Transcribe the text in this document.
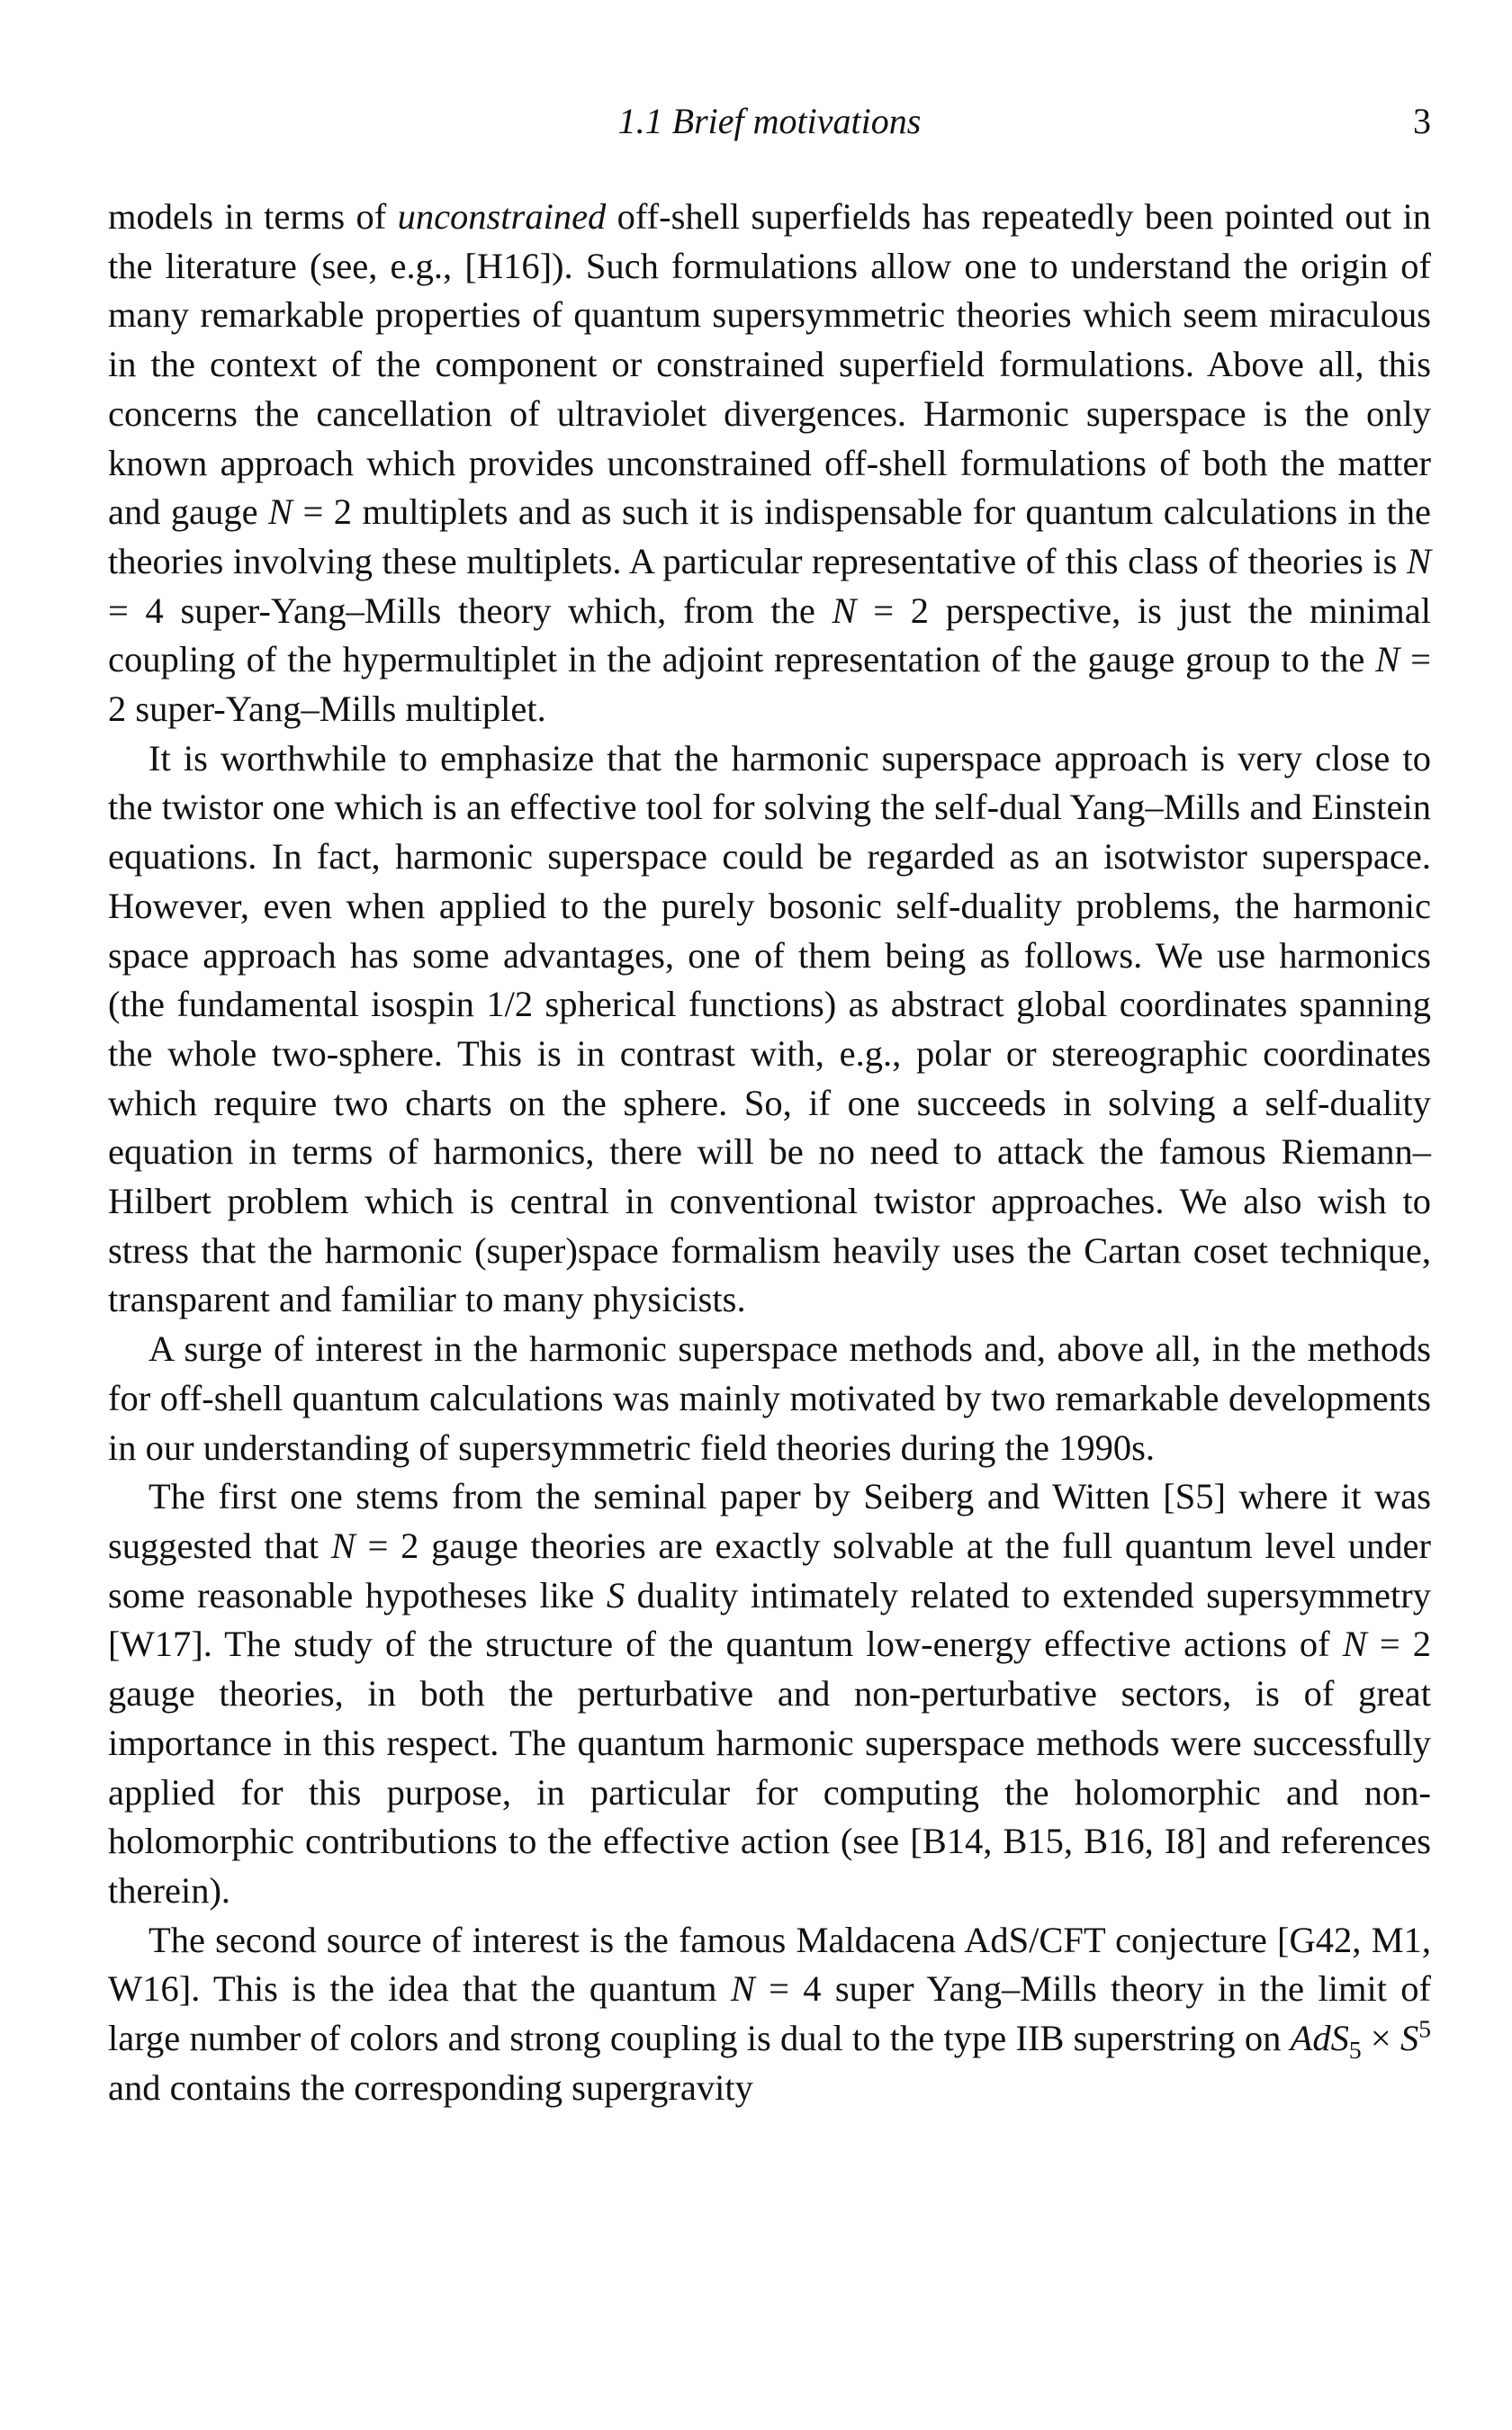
1.1 Brief motivations	3

models in terms of unconstrained off-shell superfields has repeatedly been pointed out in the literature (see, e.g., [H16]). Such formulations allow one to understand the origin of many remarkable properties of quantum supersymmetric theories which seem miraculous in the context of the component or constrained superfield formulations. Above all, this concerns the cancellation of ultraviolet divergences. Harmonic superspace is the only known approach which provides unconstrained off-shell formulations of both the matter and gauge N = 2 multiplets and as such it is indispensable for quantum calculations in the theories involving these multiplets. A particular representative of this class of theories is N = 4 super-Yang–Mills theory which, from the N = 2 perspective, is just the minimal coupling of the hypermultiplet in the adjoint representation of the gauge group to the N = 2 super-Yang–Mills multiplet.

It is worthwhile to emphasize that the harmonic superspace approach is very close to the twistor one which is an effective tool for solving the self-dual Yang–Mills and Einstein equations. In fact, harmonic superspace could be regarded as an isotwistor superspace. However, even when applied to the purely bosonic self-duality problems, the harmonic space approach has some advantages, one of them being as follows. We use harmonics (the fundamental isospin 1/2 spherical functions) as abstract global coordinates spanning the whole two-sphere. This is in contrast with, e.g., polar or stereographic coordinates which require two charts on the sphere. So, if one succeeds in solving a self-duality equation in terms of harmonics, there will be no need to attack the famous Riemann–Hilbert problem which is central in conventional twistor approaches. We also wish to stress that the harmonic (super)space formalism heavily uses the Cartan coset technique, transparent and familiar to many physicists.

A surge of interest in the harmonic superspace methods and, above all, in the methods for off-shell quantum calculations was mainly motivated by two remarkable developments in our understanding of supersymmetric field theories during the 1990s.

The first one stems from the seminal paper by Seiberg and Witten [S5] where it was suggested that N = 2 gauge theories are exactly solvable at the full quantum level under some reasonable hypotheses like S duality intimately related to extended supersymmetry [W17]. The study of the structure of the quantum low-energy effective actions of N = 2 gauge theories, in both the perturbative and non-perturbative sectors, is of great importance in this respect. The quantum harmonic superspace methods were successfully applied for this purpose, in particular for computing the holomorphic and non-holomorphic contributions to the effective action (see [B14, B15, B16, I8] and references therein).

The second source of interest is the famous Maldacena AdS/CFT conjecture [G42, M1, W16]. This is the idea that the quantum N = 4 super Yang–Mills theory in the limit of large number of colors and strong coupling is dual to the type IIB superstring on $AdS_5 \times S^5$ and contains the corresponding supergravity
